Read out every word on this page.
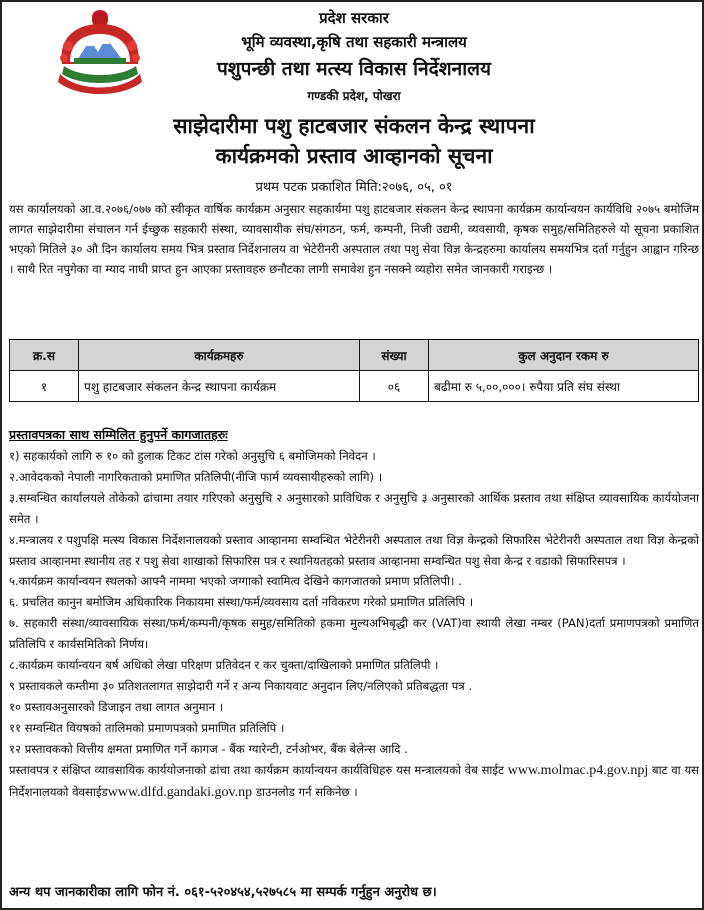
प्रदेश सरकार
भूमि व्यवस्था,कृषि तथा सहकारी मन्त्रालय
पशुपन्छी तथा मत्स्य विकास निर्देशनालय
गण्डकी प्रदेश, पोखरा
साझेदारीमा पशु हाटबजार संकलन केन्द्र स्थापना
कार्यक्रमको प्रस्ताव आव्हानको सूचना
प्रथम पटक प्रकाशित मिति:२०७६, ०५, ०१
यस कार्यालयको आ.व.२०७६/०७७ को स्वीकृत वार्षिक कार्यक्रम अनुसार सहकार्यमा पशु हाटबजार संकलन केन्द्र स्थापना कार्यक्रम कार्यान्वयन कार्यविधि २०७५ बमोजिम लागत साझेदारीमा संचालन गर्न ईच्छुक सहकारी संस्था, व्यावसायीक संघ/संगठन, फर्म, कम्पनी, निजी उद्यमी, व्यवसायी, कृषक समुह/समितिहरुले यो सूचना प्रकाशित भएको मितिले ३० औ दिन कार्यालय समय भित्र प्रस्ताव निर्देशनालय वा भेटेरीनरी अस्पताल तथा पशु सेवा विज्ञ केन्द्रहरुमा कार्यालय समयभित्र दर्ता गर्नुहुन आह्वान गरिन्छ । साथै रित नपुगेका वा म्याद नाघी प्राप्त हुन आएका प्रस्तावहरु छनौटका लागी समावेश हुन नसक्ने व्यहोरा समेत जानकारी गराइन्छ ।
क्र.स	कार्यक्रमहरु	संख्या	कुल अनुदान रकम रु
१	पशु हाटबजार संकलन केन्द्र स्थापना कार्यक्रम	०६	बढीमा रु ५,००,०००। रुपैया प्रति संघ संस्था
प्रस्तावपत्रका साथ सम्मिलित हुनुपर्ने कागजातहरुः
१) सहकार्यको लागि रु १० को हुलाक टिकट टांस गरेको अनुसुचि ६ बमोजिमको निवेदन ।
२.आवेदकको नेपाली नागरिकताको प्रमाणित प्रतिलिपी(नीजि फार्म व्यवसायीहरुको लागि) ।
३.सम्वन्धित कार्यालयले तोकेको ढांचामा तयार गरिएको अनुसुचि २ अनुसारको प्राविधिक र अनुसुचि ३ अनुसारको आर्थिक प्रस्ताव तथा संक्षिप्त व्यावसायिक कार्ययोजना समेत ।
४.मन्त्रालय र पशुपक्षि मत्स्य विकास निर्देशनालयको प्रस्ताव आव्हानमा सम्वन्धित भेटेरीनरी अस्पताल तथा विज्ञ केन्द्रको सिफारिस भेटेरीनरी अस्पताल तथा विज्ञ केन्द्रको प्रस्ताव आव्हानमा स्थानीय तह र पशु सेवा शाखाको सिफारिस पत्र र स्थानियतहको प्रस्ताव आव्हानमा सम्वन्धित पशु सेवा केन्द्र र वडाको सिफारिसपत्र ।
५.कार्यक्रम कार्यान्वयन स्थलको आफ्नै नाममा भएको जग्गाको स्वामित्व देखिने कागजातको प्रमाण प्रतिलिपी। .
६. प्रचलित कानुन बमोजिम अधिकारिक निकायमा संस्था/फर्म/व्यवसाय दर्ता नविकरण गरेको प्रमाणित प्रतिलिपि ।
७. सहकारी संस्था/व्यावसायिक संस्था/फर्म/कम्पनी/कृषक समुह/समितिको हकमा मुल्यअभिबृद्धी कर (VAT)वा स्थायी लेखा नम्बर (PAN)दर्ता प्रमाणपत्रको प्रमाणित प्रतिलिपि र कार्यसमितिको निर्णय।
८.कार्यक्रम कार्यान्वयन बर्ष अधिको लेखा परिक्षण प्रतिवेदन र कर चुक्ता/दाखिलाको प्रमाणित प्रतिलिपी ।
९ प्रस्तावकले कम्तीमा ३० प्रतिशतलागत साझेदारी गर्ने र अन्य निकायवाट अनुदान लिए/नलिएको प्रतिबद्धता पत्र .
१० प्रस्तावअनुसारको डिजाइन तथा लागत अनुमान ।
११ सम्वन्धित वियषको तालिमको प्रमाणपत्रको प्रमाणित प्रतिलिपि ।
१२ प्रस्तावकको वित्तीय क्षमता प्रमाणित गर्ने कागज - बैंक ग्यारेन्टी, टर्नओभर, बैंक बेलेन्स आदि .
प्रस्तावपत्र र संक्षिप्त व्यावसायिक कार्ययोजनाको ढांचा तथा कार्यक्रम कार्यान्वयन कार्यविधिहरु यस मन्त्रालयको वेब साईट www.molmac.p4.gov.npj बाट वा यस निर्देशनालयको वेवसाईडwww.dlfd.gandaki.gov.np डाउनलोड गर्न सकिनेछ ।
अन्य थप जानकारीका लागि फोन नं. ०६१-५२०४५४,५२७५८५ मा सम्पर्क गर्नुहुन अनुरोध छ।
